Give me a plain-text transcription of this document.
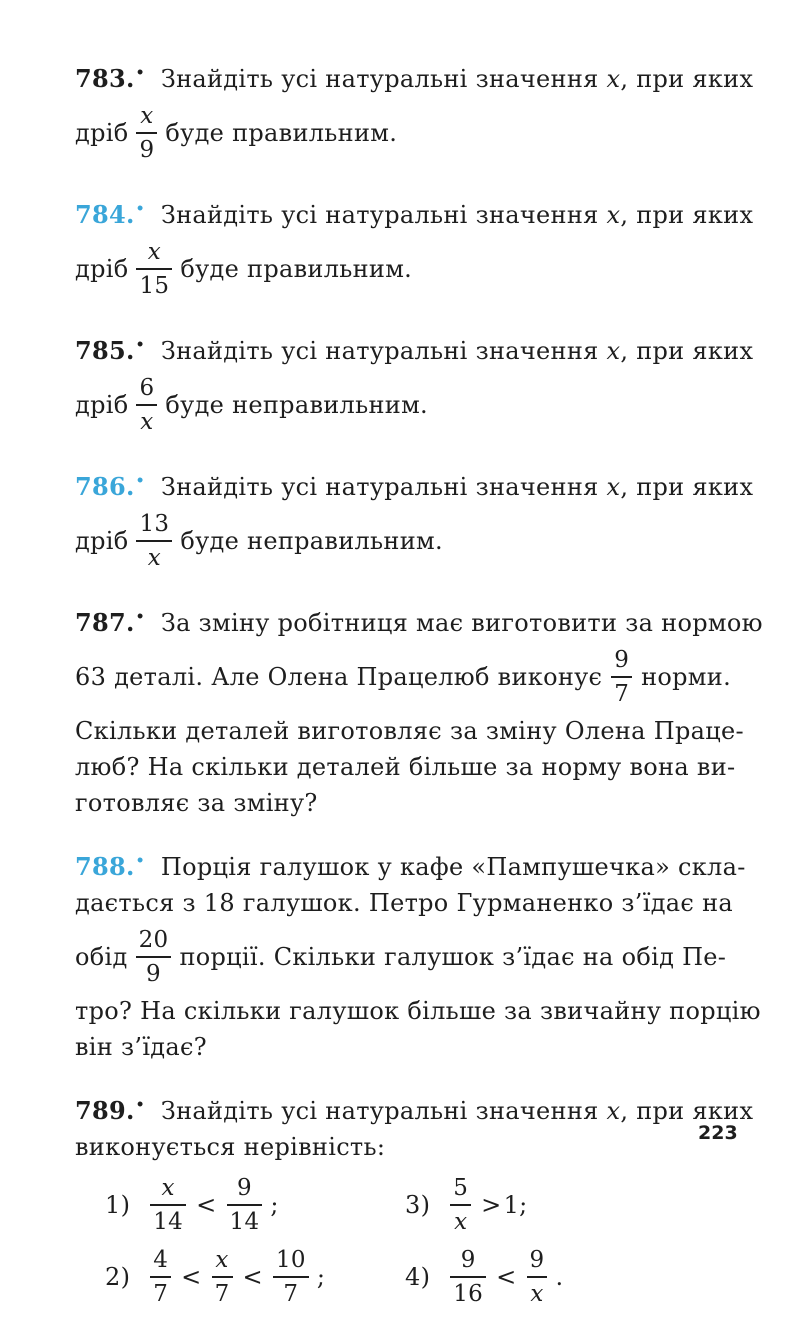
783.• Знайдіть усі натуральні значення x, при яких
дріб $\frac{x}{9}$ буде правильним.
784.• Знайдіть усі натуральні значення x, при яких
дріб $\frac{x}{15}$ буде правильним.
785.• Знайдіть усі натуральні значення x, при яких
дріб $\frac{6}{x}$ буде неправильним.
786.• Знайдіть усі натуральні значення x, при яких
дріб $\frac{13}{x}$ буде неправильним.
787.• За зміну робітниця має виготовити за нормою
63 деталі. Але Олена Працелюб виконує $\frac{9}{7}$ норми.
Скільки деталей виготовляє за зміну Олена Праце-
люб? На скільки деталей більше за норму вона ви-
готовляє за зміну?
788.• Порція галушок у кафе «Пампушечка» скла-
дається з 18 галушок. Петро Гурманенко з’їдає на
обід $\frac{20}{9}$ порції. Скільки галушок з’їдає на обід Пе-
тро? На скільки галушок більше за звичайну порцію
він з’їдає?
789.• Знайдіть усі натуральні значення x, при яких
виконується нерівність:
$1) \frac{x}{14} < \frac{9}{14}$ ;	$3) \frac{5}{x} > 1$ ;
$2) \frac{4}{7} < \frac{x}{7} < \frac{10}{7}$ ;	$4) \frac{9}{16} < \frac{9}{x}$ .
223
